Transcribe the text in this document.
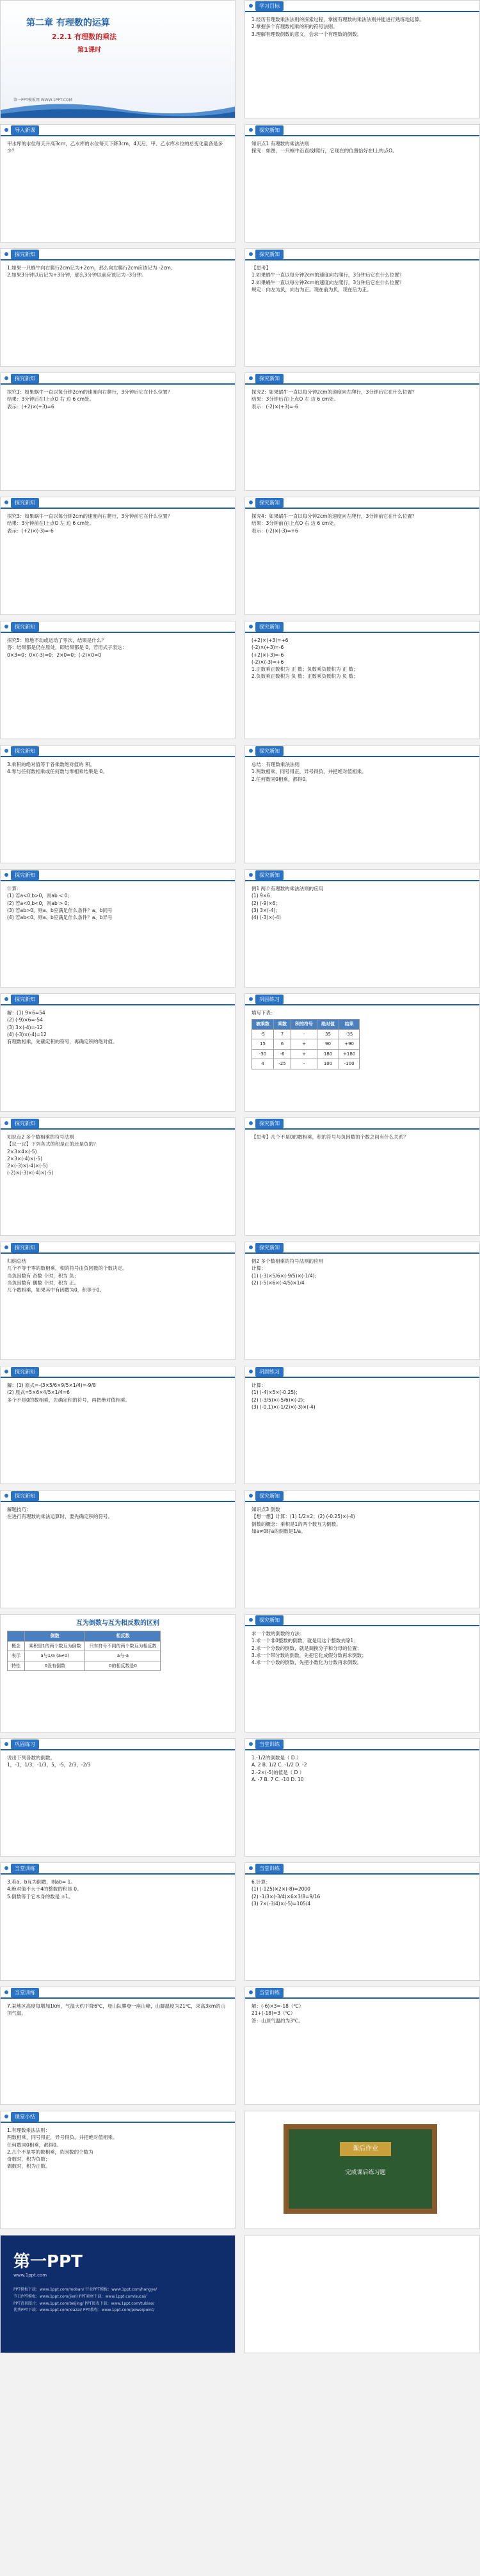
第二章 有理数的运算
2.2.1 有理数的乘法
第1课时
第一PPT模板网 WWW.1PPT.COM
学习目标
1.经历有理数乘法法则的探索过程，掌握有理数的乘法法则并能进行熟练地运算。
2.掌握多个有理数相乘的积的符号法则。
3.理解有理数倒数的意义，会求一个有理数的倒数。
导入新课
甲水库的水位每天升高3cm，乙水库的水位每天下降3cm，4天后，甲、乙水库水位的总变化量各是多少？
探究新知
知识点1 有理数的乘法法则
探究：如图，一只蜗牛沿直线l爬行，它现在的位置恰好在l上的点O。
探究新知
1.如果一只蜗牛向右爬行2cm记为+2cm，那么向左爬行2cm应该记为 -2cm。
2.如果3分钟以后记为+3分钟，那么3分钟以前应该记为 -3分钟。
探究新知
【思考】
1.如果蜗牛一直以每分钟2cm的速度向右爬行，3分钟后它在什么位置？
2.如果蜗牛一直以每分钟2cm的速度向左爬行，3分钟后它在什么位置？
规定：向左为负，向右为正。现在前为负，现在后为正。
探究新知
探究1：如果蜗牛一直以每分钟2cm的速度向右爬行，3分钟后它在什么位置？
结果：3分钟后在l上点O 右 边 6 cm处。
表示：(+2)×(+3)=6
探究新知
探究2：如果蜗牛一直以每分钟2cm的速度向左爬行，3分钟后它在什么位置？
结果：3分钟后在l上点O 左 边 6 cm处。
表示：(-2)×(+3)=-6
探究新知
探究3：如果蜗牛一直以每分钟2cm的速度向右爬行，3分钟前它在什么位置？
结果：3分钟前在l上点O 左 边 6 cm处。
表示：(+2)×(-3)=-6
探究新知
探究4：如果蜗牛一直以每分钟2cm的速度向左爬行，3分钟前它在什么位置？
结果：3分钟前在l上点O 右 边 6 cm处。
表示：(-2)×(-3)=+6
探究新知
探究5：原地不动或运动了零次，结果是什么？
答：结果都是仍在原处，即结果都是 0，若用式子表达：
0×3=0；0×(-3)=0；2×0=0；(-2)×0=0
探究新知
(+2)×(+3)=+6
(-2)×(+3)=-6
(+2)×(-3)=-6
(-2)×(-3)=+6
1.正数乘正数积为 正 数；负数乘负数积为 正 数；
2.负数乘正数积为 负 数；正数乘负数积为 负 数；
探究新知
3.乘积的绝对值等于各乘数绝对值的 积。
4.零与任何数相乘或任何数与零相乘结果是 0。
探究新知
总结：有理数乘法法则
1.两数相乘，同号得正，异号得负，并把绝对值相乘。
2.任何数同0相乘，都得0。
探究新知
计算：
(1) 若a<0,b>0，则ab < 0；
(2) 若a<0,b<0，则ab > 0；
(3) 若ab>0，则a、b应满足什么条件？a、b同号
(4) 若ab<0，则a、b应满足什么条件？a、b异号
探究新知
例1 两个有理数的乘法法则的应用
(1) 9×6；
(2) (-9)×6；
(3) 3×(-4)；
(4) (-3)×(-4)
探究新知
解：(1) 9×6=54
(2) (-9)×6=-54
(3) 3×(-4)=-12
(4) (-3)×(-4)=12
有理数相乘，先确定积的符号，再确定积的绝对值。
巩固练习
填写下表：
被乘数	乘数	积的符号	绝对值	结果
-5	7	-	35	-35
15	6	+	90	+90
-30	-6	+	180	+180
4	-25	-	100	-100
探究新知
知识点2 多个数相乘的符号法则
【议一议】下列各式的积是正的还是负的？
2×3×4×(-5)
2×3×(-4)×(-5)
2×(-3)×(-4)×(-5)
(-2)×(-3)×(-4)×(-5)
探究新知
【思考】几个不是0的数相乘，积的符号与负因数的个数之间有什么关系？
探究新知
归纳总结
几个不等于零的数相乘，积的符号由负因数的个数决定。
当负因数有 奇数 个时，积为 负；
当负因数有 偶数 个时，积为 正。
几个数相乘，如果其中有因数为0，积等于0。
探究新知
例2 多个数相乘的符号法则的应用
计算：
(1) (-3)×5/6×(-9/5)×(-1/4)；
(2) (-5)×6×(-4/5)×1/4
探究新知
解：(1) 原式=-(3×5/6×9/5×1/4)=-9/8
(2) 原式=5×6×4/5×1/4=6
多个不是0的数相乘，先确定积的符号，再把绝对值相乘。
巩固练习
计算：
(1) (-4)×5×(-0.25)；
(2) (-3/5)×(-5/6)×(-2)；
(3) (-0.1)×(-1/2)×(-3)×(-4)
探究新知
解题技巧：
在进行有理数的乘法运算时，要先确定积的符号。
探究新知
知识点3 倒数
【想一想】计算：(1) 1/2×2；(2) (-0.25)×(-4)
倒数的概念：乘积是1的两个数互为倒数。
如a≠0时a的倒数是1/a。
互为倒数与互为相反数的区别
	倒数	相反数
概念	乘积是1的两个数互为倒数	只有符号不同的两个数互为相反数
表示	a与1/a (a≠0)	a与-a
特性	0没有倒数	0的相反数是0
探究新知
求一个数的倒数的方法：
1.求一个非0整数的倒数，就是用这个整数去除1；
2.求一个分数的倒数，就是调换分子和分母的位置；
3.求一个带分数的倒数，先把它化成假分数再求倒数；
4.求一个小数的倒数，先把小数化为分数再求倒数。
巩固练习
说出下列各数的倒数。
1，-1，1/3，-1/3，5，-5，2/3，-2/3
当堂训练
1.-1/2的倒数是（ D ）
A. 2 B. 1/2 C. -1/2 D. -2
2.-2×(-5)的值是（ D ）
A. -7 B. 7 C. -10 D. 10
当堂训练
3.若a、b互为倒数，则ab= 1。
4.绝对值不大于4的整数的积是 0。
5.倒数等于它本身的数是 ±1。
当堂训练
6.计算：
(1) (-125)×2×(-8)=2000
(2) -1/3×(-3/4)×6×3/8=9/16
(3) 7×(-3/4)×(-5)=105/4
当堂训练
7.某地区高度每增加1km，气温大约下降6℃，登山队攀登一座山峰，山脚温度为21℃，求高3km的山顶气温。
当堂训练
解：(-6)×3=-18（℃）
21+(-18)=3（℃）
答：山顶气温约为3℃。
课堂小结
1.有理数乘法法则：
两数相乘，同号得正，异号得负，并把绝对值相乘。
任何数同0相乘，都得0。
2.几个不是零的数相乘，负因数的个数为
奇数时，积为负数；
偶数时，积为正数。
课后作业
完成课后练习题
第一PPT
www.1ppt.com
PPT模板下载：www.1ppt.com/moban/ 行业PPT模板：www.1ppt.com/hangye/
节日PPT模板：www.1ppt.com/jieri/ PPT素材下载：www.1ppt.com/sucai/
PPT背景图片：www.1ppt.com/beijing/ PPT图表下载：www.1ppt.com/tubiao/
优秀PPT下载：www.1ppt.com/xiazai/ PPT教程：www.1ppt.com/powerpoint/
